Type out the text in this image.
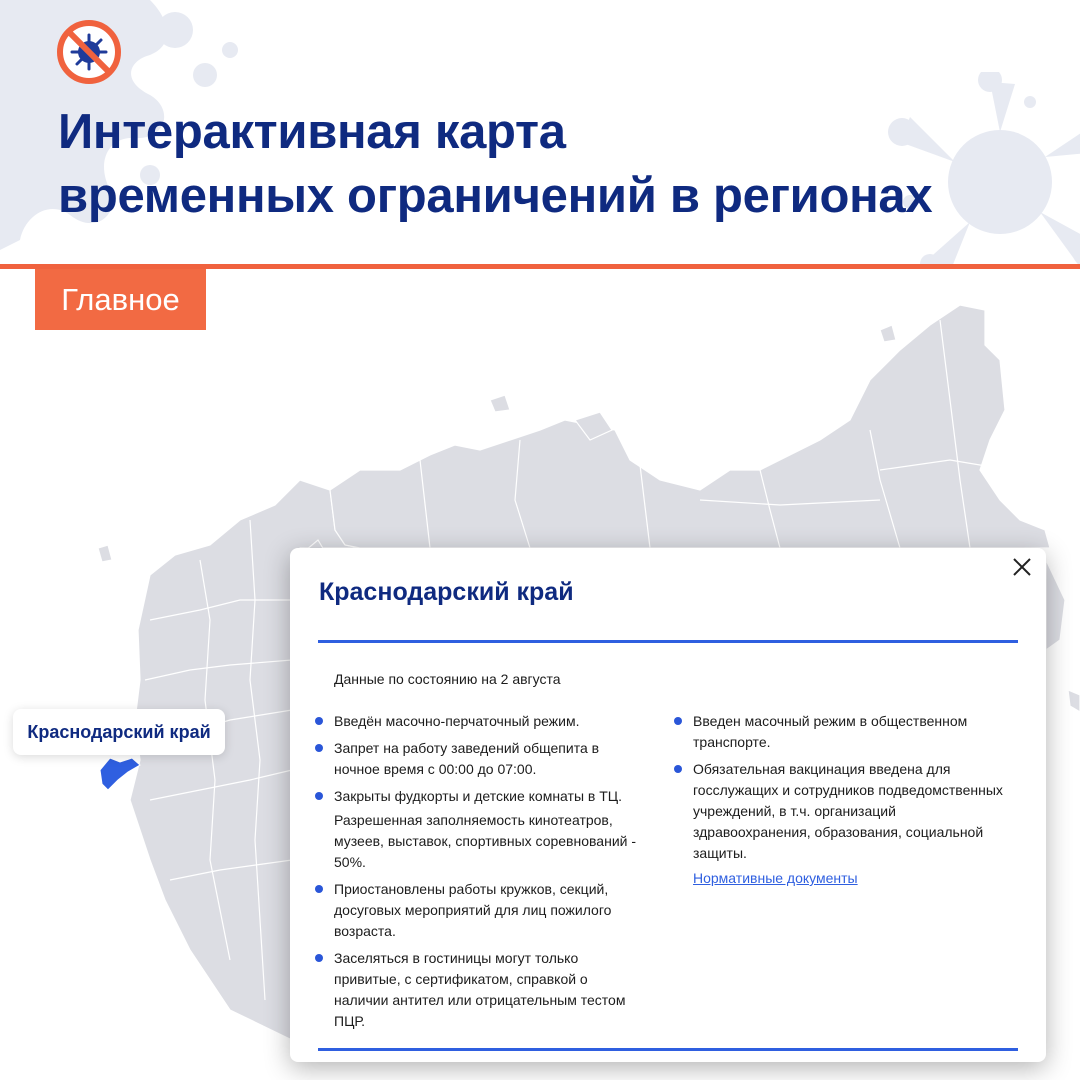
Интерактивная карта
временных ограничений в регионах
Главное
Краснодарский край
Краснодарский край
Данные по состоянию на 2 августа
Введён масочно-перчаточный режим.
Запрет на работу заведений общепита в ночное время с 00:00 до 07:00.
Закрыты фудкорты и детские комнаты в ТЦ.
Разрешенная заполняемость кинотеатров, музеев, выставок, спортивных соревнований - 50%.
Приостановлены работы кружков, секций, досуговых мероприятий для лиц пожилого возраста.
Заселяться в гостиницы могут только привитые, с сертификатом, справкой о наличии антител или отрицательным тестом ПЦР.
Введен масочный режим в общественном транспорте.
Обязательная вакцинация введена для госслужащих и сотрудников подведомственных учреждений, в т.ч. организаций здравоохранения, образования, социальной защиты.
Нормативные документы
